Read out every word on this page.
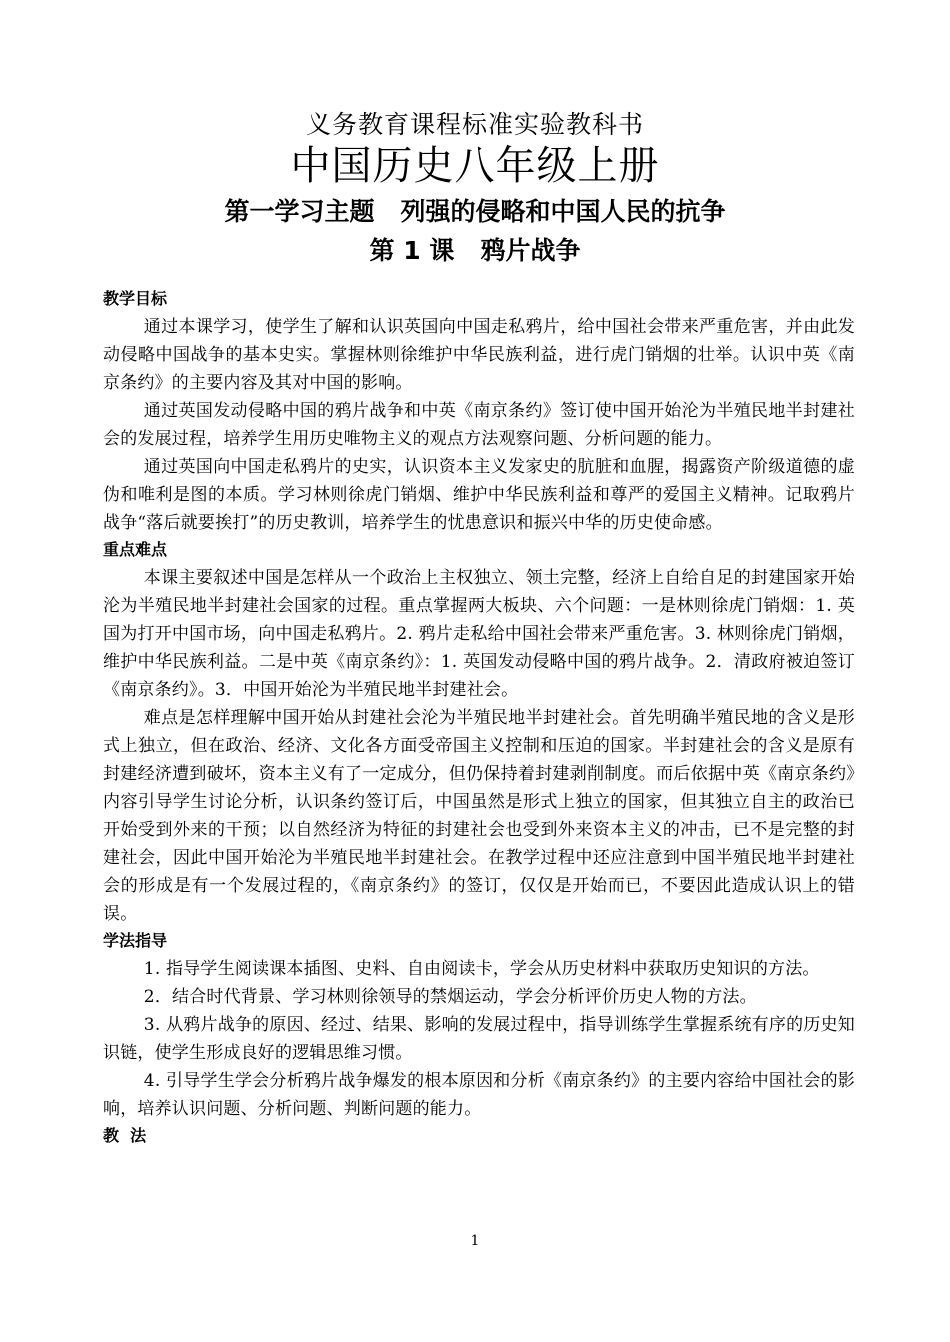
义务教育课程标准实验教科书
中国历史八年级上册
第一学习主题   列强的侵略和中国人民的抗争
第 1 课   鸦片战争
教学目标

通过本课学习，使学生了解和认识英国向中国走私鸦片，给中国社会带来严重危害，并由此发动侵略中国战争的基本史实。掌握林则徐维护中华民族利益，进行虎门销烟的壮举。认识中英《南京条约》的主要内容及其对中国的影响。

通过英国发动侵略中国的鸦片战争和中英《南京条约》签订使中国开始沦为半殖民地半封建社会的发展过程，培养学生用历史唯物主义的观点方法观察问题、分析问题的能力。

通过英国向中国走私鸦片的史实，认识资本主义发家史的肮脏和血腥，揭露资产阶级道德的虚伪和唯利是图的本质。学习林则徐虎门销烟、维护中华民族利益和尊严的爱国主义精神。记取鸦片战争“落后就要挨打”的历史教训，培养学生的忧患意识和振兴中华的历史使命感。

重点难点

本课主要叙述中国是怎样从一个政治上主权独立、领土完整，经济上自给自足的封建国家开始沦为半殖民地半封建社会国家的过程。重点掌握两大板块、六个问题：一是林则徐虎门销烟：1. 英国为打开中国市场，向中国走私鸦片。2. 鸦片走私给中国社会带来严重危害。3. 林则徐虎门销烟，维护中华民族利益。二是中英《南京条约》：1. 英国发动侵略中国的鸦片战争。2．清政府被迫签订《南京条约》。3．中国开始沦为半殖民地半封建社会。

难点是怎样理解中国开始从封建社会沦为半殖民地半封建社会。首先明确半殖民地的含义是形式上独立，但在政治、经济、文化各方面受帝国主义控制和压迫的国家。半封建社会的含义是原有封建经济遭到破坏，资本主义有了一定成分，但仍保持着封建剥削制度。而后依据中英《南京条约》内容引导学生讨论分析，认识条约签订后，中国虽然是形式上独立的国家，但其独立自主的政治已开始受到外来的干预；以自然经济为特征的封建社会也受到外来资本主义的冲击，已不是完整的封建社会，因此中国开始沦为半殖民地半封建社会。在教学过程中还应注意到中国半殖民地半封建社会的形成是有一个发展过程的，《南京条约》的签订，仅仅是开始而已，不要因此造成认识上的错误。

学法指导

1. 指导学生阅读课本插图、史料、自由阅读卡，学会从历史材料中获取历史知识的方法。

2．结合时代背景、学习林则徐领导的禁烟运动，学会分析评价历史人物的方法。

3. 从鸦片战争的原因、经过、结果、影响的发展过程中，指导训练学生掌握系统有序的历史知识链，使学生形成良好的逻辑思维习惯。

4. 引导学生学会分析鸦片战争爆发的根本原因和分析《南京条约》的主要内容给中国社会的影响，培养认识问题、分析问题、判断问题的能力。

教  法
1
